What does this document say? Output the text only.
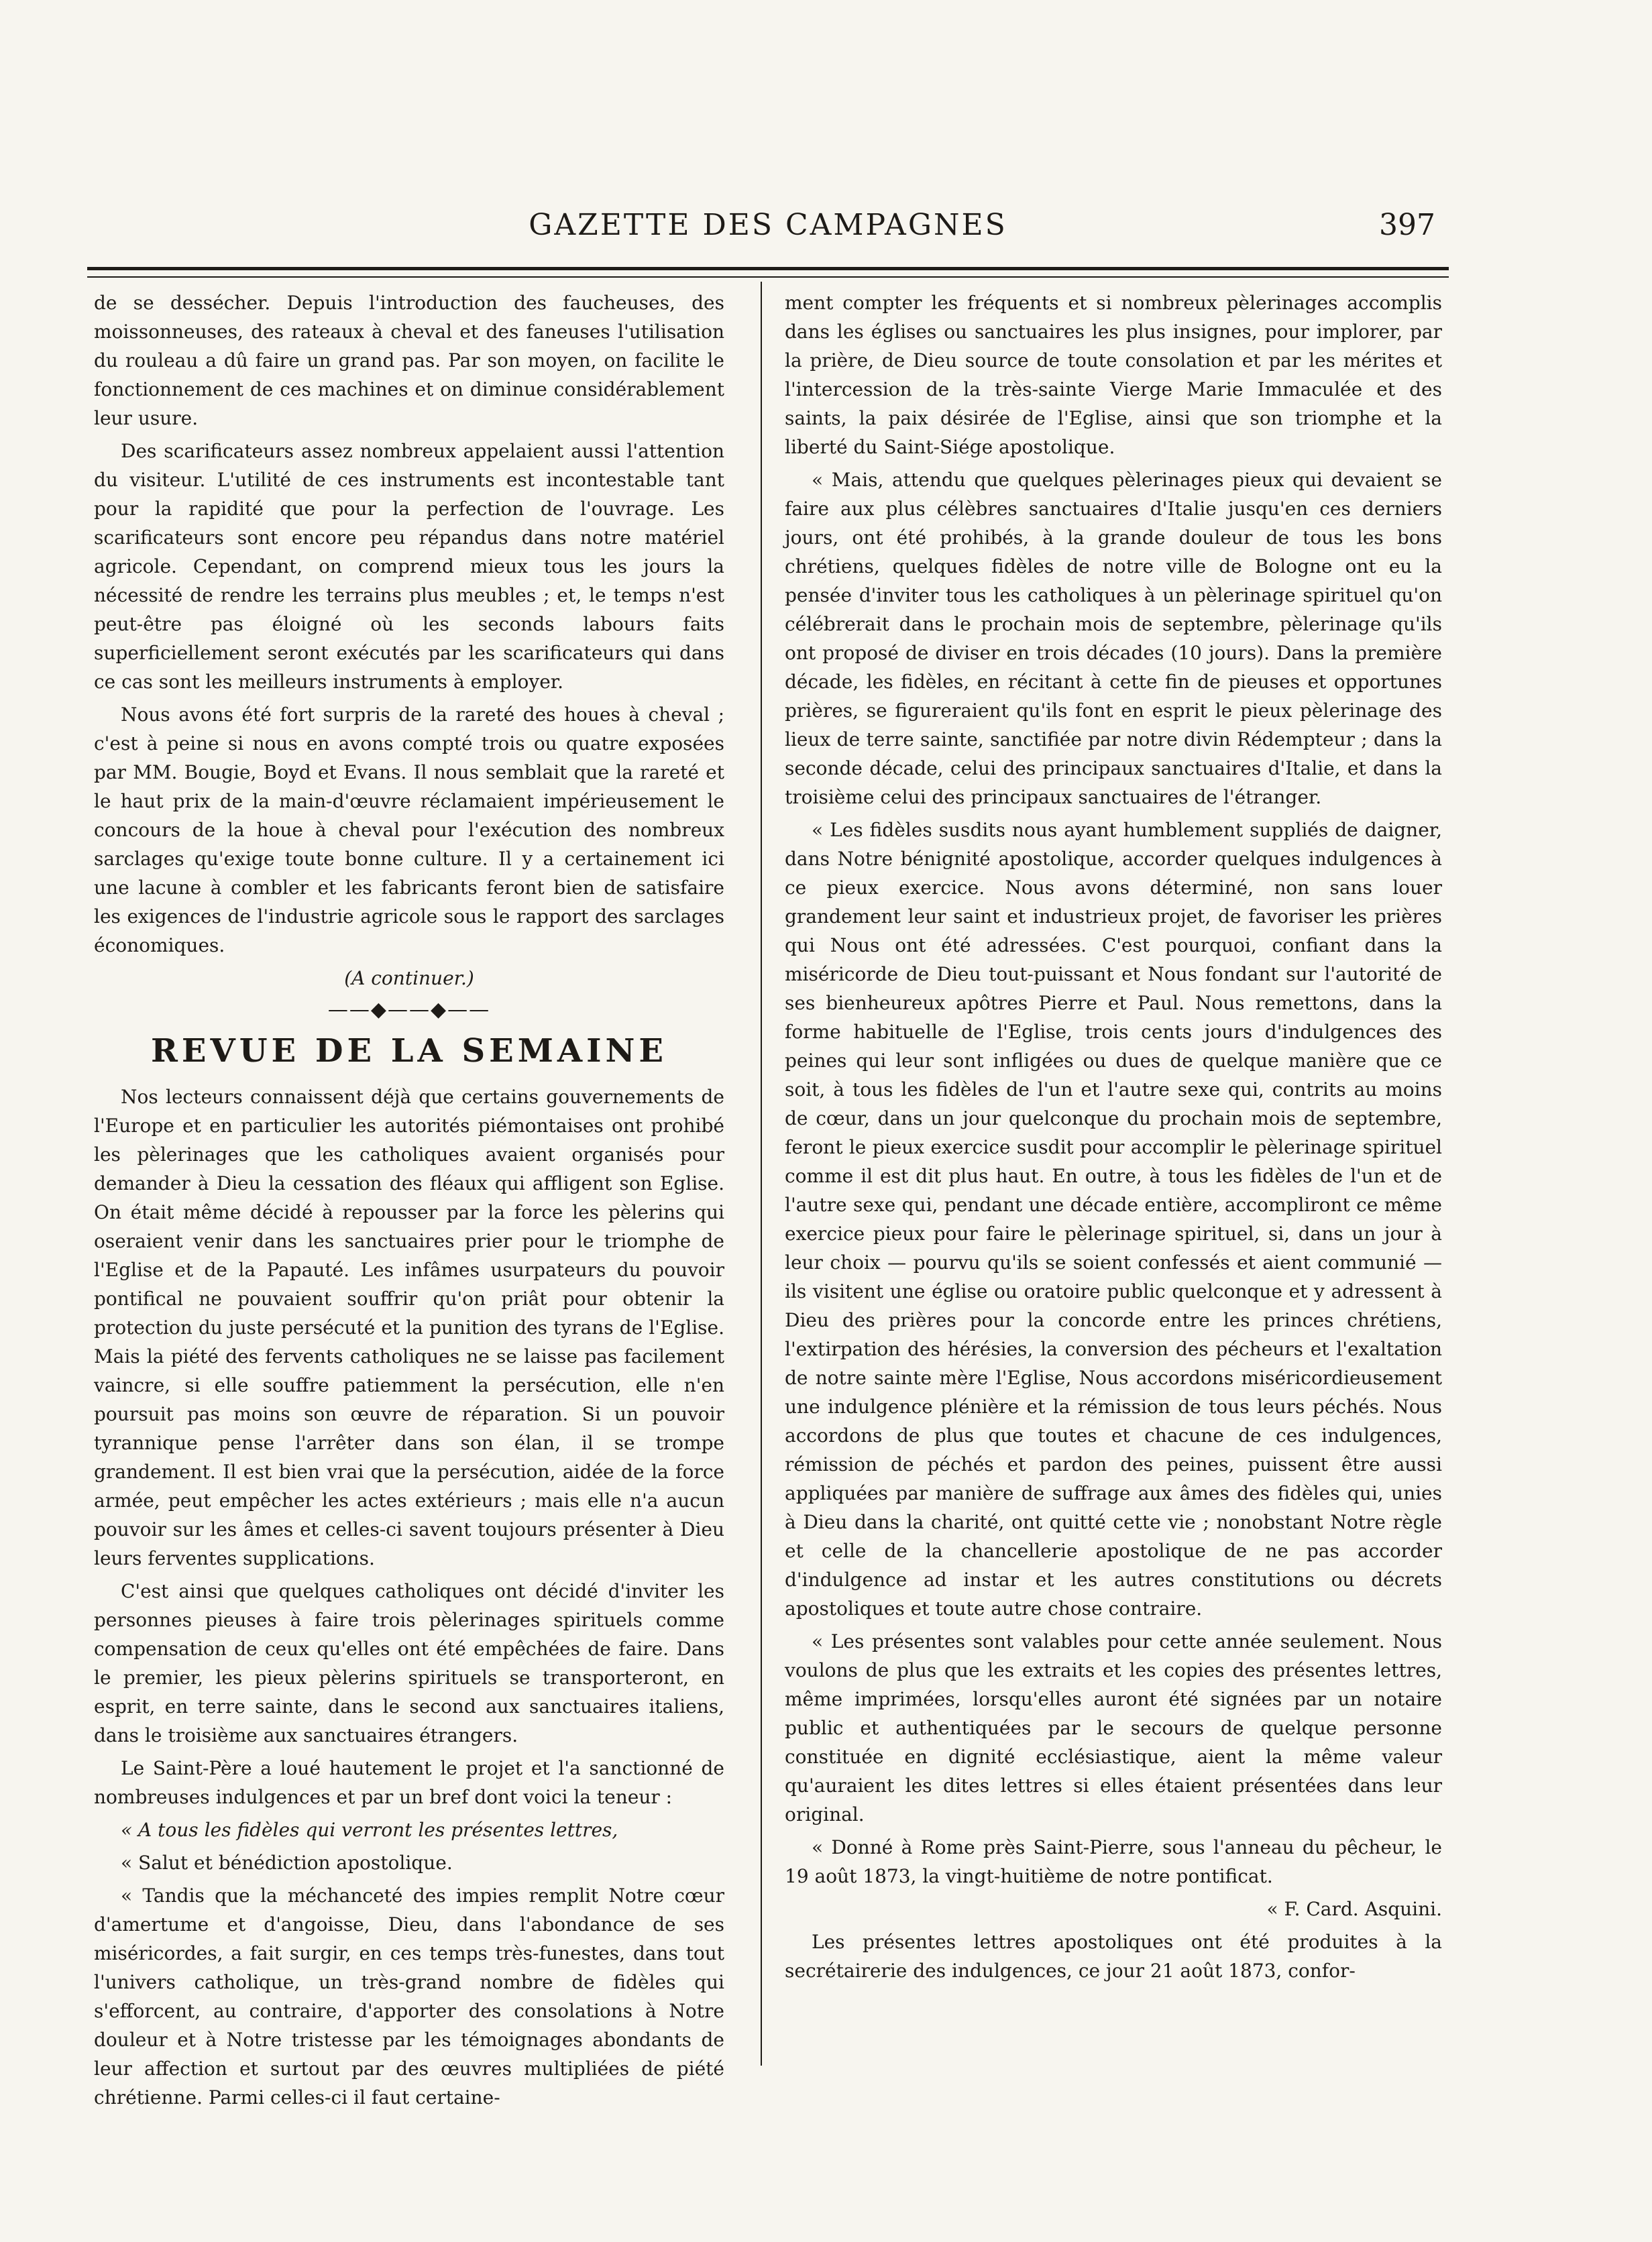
GAZETTE DES CAMPAGNES	397

de se dessécher. Depuis l'introduction des faucheuses, des moissonneuses, des rateaux à cheval et des faneuses l'utilisation du rouleau a dû faire un grand pas. Par son moyen, on facilite le fonctionnement de ces machines et on diminue considérablement leur usure.

Des scarificateurs assez nombreux appelaient aussi l'attention du visiteur. L'utilité de ces instruments est incontestable tant pour la rapidité que pour la perfection de l'ouvrage. Les scarificateurs sont encore peu répandus dans notre matériel agricole. Cependant, on comprend mieux tous les jours la nécessité de rendre les terrains plus meubles ; et, le temps n'est peut-être pas éloigné où les seconds labours faits superficiellement seront exécutés par les scarificateurs qui dans ce cas sont les meilleurs instruments à employer.

Nous avons été fort surpris de la rareté des houes à cheval ; c'est à peine si nous en avons compté trois ou quatre exposées par MM. Bougie, Boyd et Evans. Il nous semblait que la rareté et le haut prix de la main-d'œuvre réclamaient impérieusement le concours de la houe à cheval pour l'exécution des nombreux sarclages qu'exige toute bonne culture. Il y a certainement ici une lacune à combler et les fabricants feront bien de satisfaire les exigences de l'industrie agricole sous le rapport des sarclages économiques.

(A continuer.)

——◆——◆——
REVUE DE LA SEMAINE

Nos lecteurs connaissent déjà que certains gouvernements de l'Europe et en particulier les autorités piémontaises ont prohibé les pèlerinages que les catholiques avaient organisés pour demander à Dieu la cessation des fléaux qui affligent son Eglise. On était même décidé à repousser par la force les pèlerins qui oseraient venir dans les sanctuaires prier pour le triomphe de l'Eglise et de la Papauté. Les infâmes usurpateurs du pouvoir pontifical ne pouvaient souffrir qu'on priât pour obtenir la protection du juste persécuté et la punition des tyrans de l'Eglise. Mais la piété des fervents catholiques ne se laisse pas facilement vaincre, si elle souffre patiemment la persécution, elle n'en poursuit pas moins son œuvre de réparation. Si un pouvoir tyrannique pense l'arrêter dans son élan, il se trompe grandement. Il est bien vrai que la persécution, aidée de la force armée, peut empêcher les actes extérieurs ; mais elle n'a aucun pouvoir sur les âmes et celles-ci savent toujours présenter à Dieu leurs ferventes supplications.

C'est ainsi que quelques catholiques ont décidé d'inviter les personnes pieuses à faire trois pèlerinages spirituels comme compensation de ceux qu'elles ont été empêchées de faire. Dans le premier, les pieux pèlerins spirituels se transporteront, en esprit, en terre sainte, dans le second aux sanctuaires italiens, dans le troisième aux sanctuaires étrangers.

Le Saint-Père a loué hautement le projet et l'a sanctionné de nombreuses indulgences et par un bref dont voici la teneur :

« A tous les fidèles qui verront les présentes lettres,

« Salut et bénédiction apostolique.

« Tandis que la méchanceté des impies remplit Notre cœur d'amertume et d'angoisse, Dieu, dans l'abondance de ses miséricordes, a fait surgir, en ces temps très-funestes, dans tout l'univers catholique, un très-grand nombre de fidèles qui s'efforcent, au contraire, d'apporter des consolations à Notre douleur et à Notre tristesse par les témoignages abondants de leur affection et surtout par des œuvres multipliées de piété chrétienne. Parmi celles-ci il faut certaine-

ment compter les fréquents et si nombreux pèlerinages accomplis dans les églises ou sanctuaires les plus insignes, pour implorer, par la prière, de Dieu source de toute consolation et par les mérites et l'intercession de la très-sainte Vierge Marie Immaculée et des saints, la paix désirée de l'Eglise, ainsi que son triomphe et la liberté du Saint-Siége apostolique.

« Mais, attendu que quelques pèlerinages pieux qui devaient se faire aux plus célèbres sanctuaires d'Italie jusqu'en ces derniers jours, ont été prohibés, à la grande douleur de tous les bons chrétiens, quelques fidèles de notre ville de Bologne ont eu la pensée d'inviter tous les catholiques à un pèlerinage spirituel qu'on célébrerait dans le prochain mois de septembre, pèlerinage qu'ils ont proposé de diviser en trois décades (10 jours). Dans la première décade, les fidèles, en récitant à cette fin de pieuses et opportunes prières, se figureraient qu'ils font en esprit le pieux pèlerinage des lieux de terre sainte, sanctifiée par notre divin Rédempteur ; dans la seconde décade, celui des principaux sanctuaires d'Italie, et dans la troisième celui des principaux sanctuaires de l'étranger.

« Les fidèles susdits nous ayant humblement suppliés de daigner, dans Notre bénignité apostolique, accorder quelques indulgences à ce pieux exercice. Nous avons déterminé, non sans louer grandement leur saint et industrieux projet, de favoriser les prières qui Nous ont été adressées. C'est pourquoi, confiant dans la miséricorde de Dieu tout-puissant et Nous fondant sur l'autorité de ses bienheureux apôtres Pierre et Paul. Nous remettons, dans la forme habituelle de l'Eglise, trois cents jours d'indulgences des peines qui leur sont infligées ou dues de quelque manière que ce soit, à tous les fidèles de l'un et l'autre sexe qui, contrits au moins de cœur, dans un jour quelconque du prochain mois de septembre, feront le pieux exercice susdit pour accomplir le pèlerinage spirituel comme il est dit plus haut. En outre, à tous les fidèles de l'un et de l'autre sexe qui, pendant une décade entière, accompliront ce même exercice pieux pour faire le pèlerinage spirituel, si, dans un jour à leur choix — pourvu qu'ils se soient confessés et aient communié — ils visitent une église ou oratoire public quelconque et y adressent à Dieu des prières pour la concorde entre les princes chrétiens, l'extirpation des hérésies, la conversion des pécheurs et l'exaltation de notre sainte mère l'Eglise, Nous accordons miséricordieusement une indulgence plénière et la rémission de tous leurs péchés. Nous accordons de plus que toutes et chacune de ces indulgences, rémission de péchés et pardon des peines, puissent être aussi appliquées par manière de suffrage aux âmes des fidèles qui, unies à Dieu dans la charité, ont quitté cette vie ; nonobstant Notre règle et celle de la chancellerie apostolique de ne pas accorder d'indulgence ad instar et les autres constitutions ou décrets apostoliques et toute autre chose contraire.

« Les présentes sont valables pour cette année seulement. Nous voulons de plus que les extraits et les copies des présentes lettres, même imprimées, lorsqu'elles auront été signées par un notaire public et authentiquées par le secours de quelque personne constituée en dignité ecclésiastique, aient la même valeur qu'auraient les dites lettres si elles étaient présentées dans leur original.

« Donné à Rome près Saint-Pierre, sous l'anneau du pêcheur, le 19 août 1873, la vingt-huitième de notre pontificat.

« F. Card. Asquini.

Les présentes lettres apostoliques ont été produites à la secrétairerie des indulgences, ce jour 21 août 1873, confor-
